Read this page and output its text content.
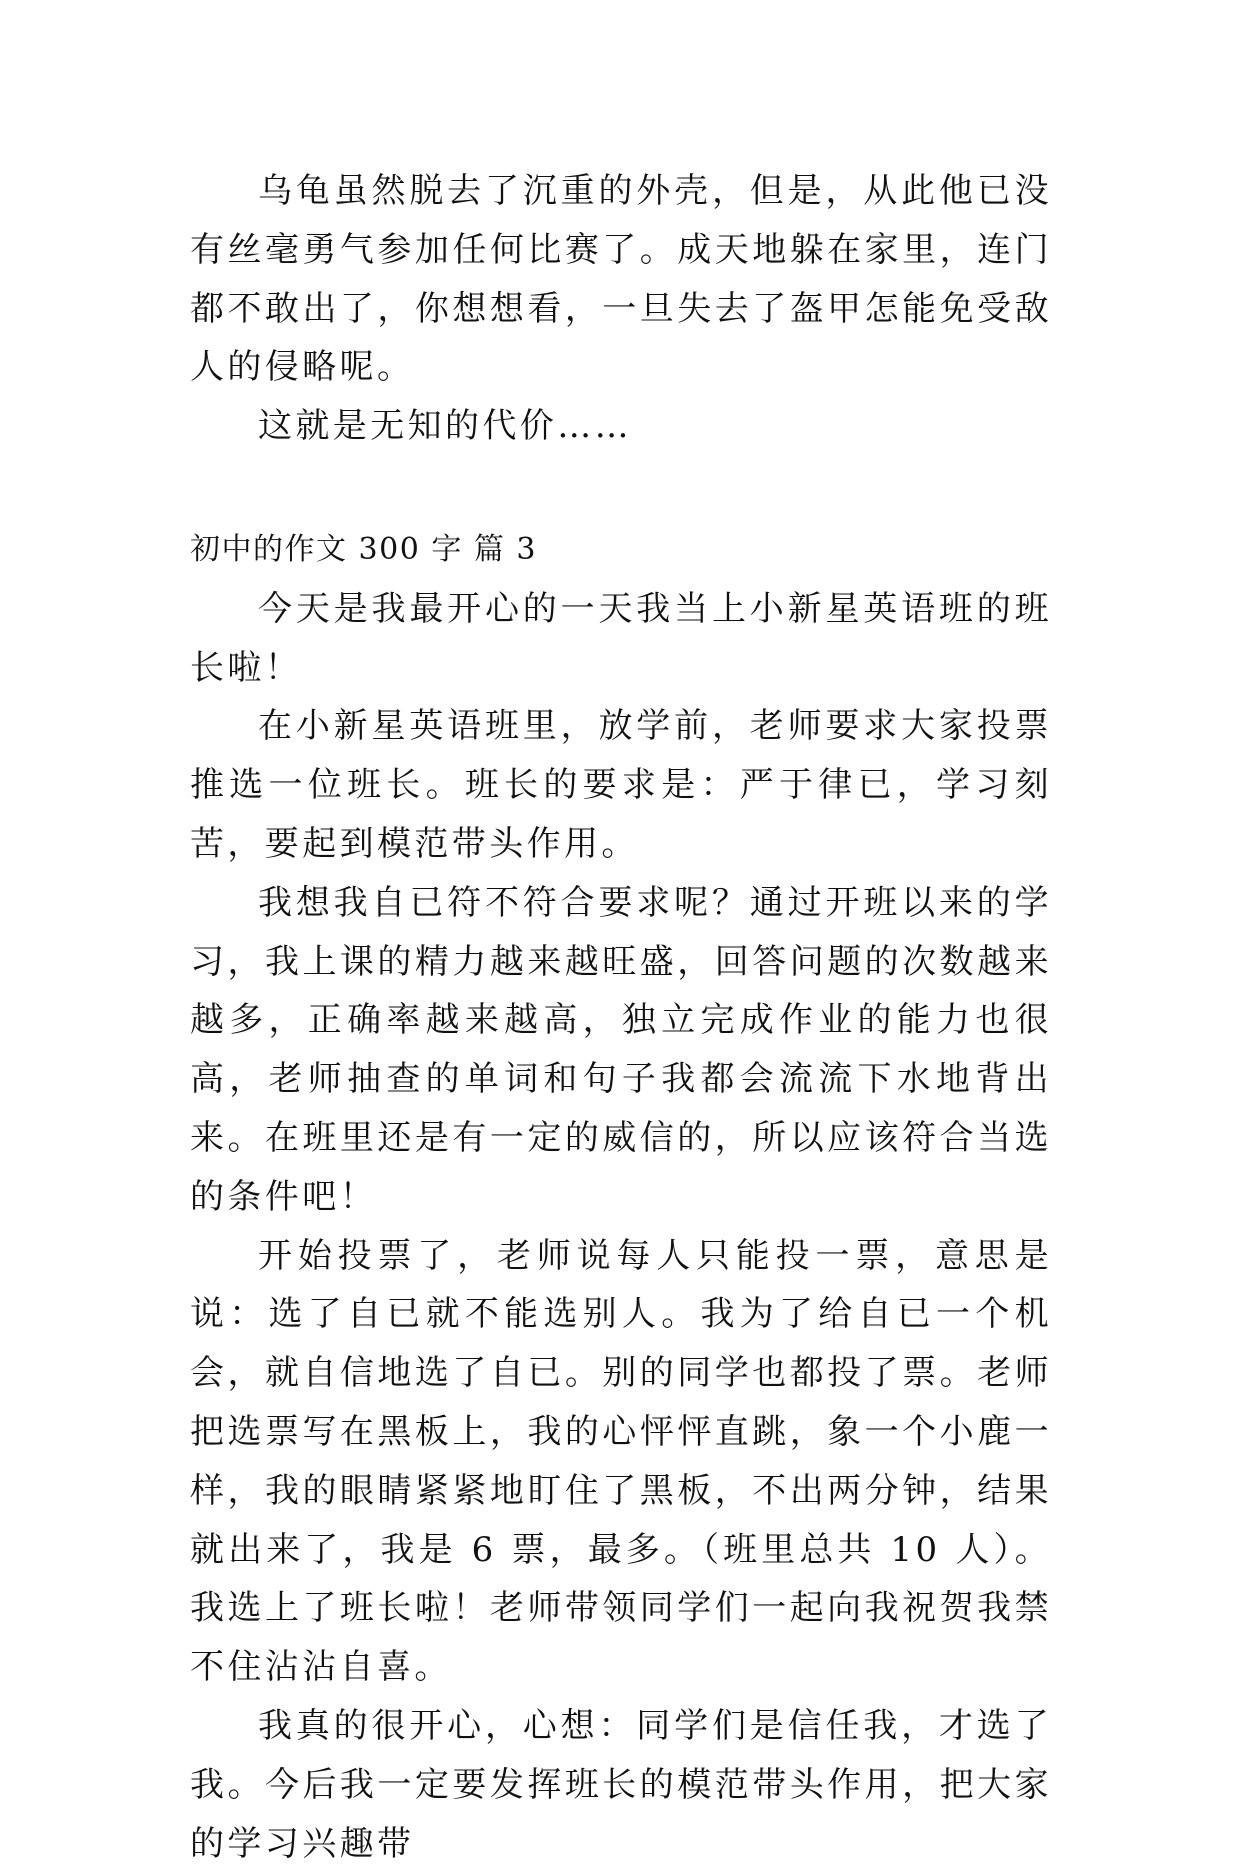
乌龟虽然脱去了沉重的外壳，但是，从此他已没有丝毫勇气参加任何比赛了。成天地躲在家里，连门都不敢出了，你想想看，一旦失去了盔甲怎能免受敌人的侵略呢。

这就是无知的代价……

初中的作文 300 字 篇 3

今天是我最开心的一天我当上小新星英语班的班长啦！

在小新星英语班里，放学前，老师要求大家投票推选一位班长。班长的要求是：严于律已，学习刻苦，要起到模范带头作用。

我想我自已符不符合要求呢？通过开班以来的学习，我上课的精力越来越旺盛，回答问题的次数越来越多，正确率越来越高，独立完成作业的能力也很高，老师抽查的单词和句子我都会流流下水地背出来。在班里还是有一定的威信的，所以应该符合当选的条件吧！

开始投票了，老师说每人只能投一票，意思是说：选了自已就不能选别人。我为了给自已一个机会，就自信地选了自已。别的同学也都投了票。老师把选票写在黑板上，我的心怦怦直跳，象一个小鹿一样，我的眼睛紧紧地盯住了黑板，不出两分钟，结果就出来了，我是 6 票，最多。（班里总共 10 人）。我选上了班长啦！老师带领同学们一起向我祝贺我禁不住沾沾自喜。

我真的很开心，心想：同学们是信任我，才选了我。今后我一定要发挥班长的模范带头作用，把大家的学习兴趣带
